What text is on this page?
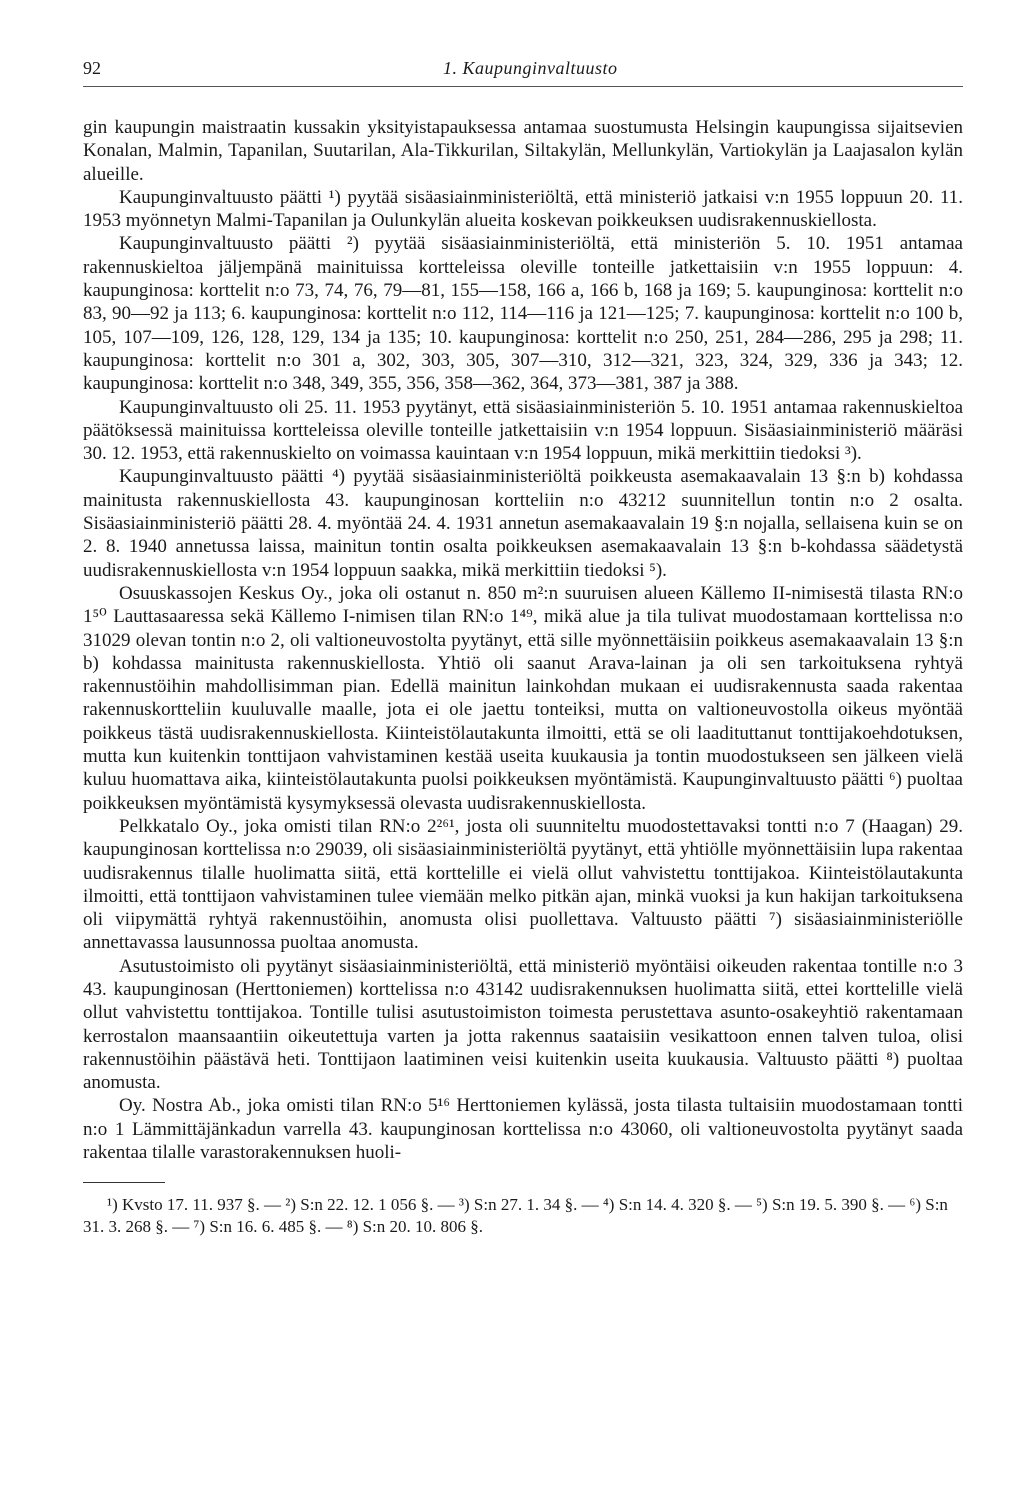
92	1. Kaupunginvaltuusto

gin kaupungin maistraatin kussakin yksityistapauksessa antamaa suostumusta Helsingin kaupungissa sijaitsevien Konalan, Malmin, Tapanilan, Suutarilan, Ala-Tikkurilan, Siltakylän, Mellunkylän, Vartiokylän ja Laajasalon kylän alueille.

Kaupunginvaltuusto päätti ¹) pyytää sisäasiainministeriöltä, että ministeriö jatkaisi v:n 1955 loppuun 20. 11. 1953 myönnetyn Malmi-Tapanilan ja Oulunkylän alueita koskevan poikkeuksen uudisrakennuskiellosta.

Kaupunginvaltuusto päätti ²) pyytää sisäasiainministeriöltä, että ministeriön 5. 10. 1951 antamaa rakennuskieltoa jäljempänä mainituissa kortteleissa oleville tonteille jatkettaisiin v:n 1955 loppuun: 4. kaupunginosa: korttelit n:o 73, 74, 76, 79—81, 155—158, 166 a, 166 b, 168 ja 169; 5. kaupunginosa: korttelit n:o 83, 90—92 ja 113; 6. kaupunginosa: korttelit n:o 112, 114—116 ja 121—125; 7. kaupunginosa: korttelit n:o 100 b, 105, 107—109, 126, 128, 129, 134 ja 135; 10. kaupunginosa: korttelit n:o 250, 251, 284—286, 295 ja 298; 11. kaupunginosa: korttelit n:o 301 a, 302, 303, 305, 307—310, 312—321, 323, 324, 329, 336 ja 343; 12. kaupunginosa: korttelit n:o 348, 349, 355, 356, 358—362, 364, 373—381, 387 ja 388.

Kaupunginvaltuusto oli 25. 11. 1953 pyytänyt, että sisäasiainministeriön 5. 10. 1951 antamaa rakennuskieltoa päätöksessä mainituissa kortteleissa oleville tonteille jatkettaisiin v:n 1954 loppuun. Sisäasiainministeriö määräsi 30. 12. 1953, että rakennuskielto on voimassa kauintaan v:n 1954 loppuun, mikä merkittiin tiedoksi ³).

Kaupunginvaltuusto päätti ⁴) pyytää sisäasiainministeriöltä poikkeusta asemakaavalain 13 §:n b) kohdassa mainitusta rakennuskiellosta 43. kaupunginosan kortteliin n:o 43212 suunnitellun tontin n:o 2 osalta. Sisäasiainministeriö päätti 28. 4. myöntää 24. 4. 1931 annetun asemakaavalain 19 §:n nojalla, sellaisena kuin se on 2. 8. 1940 annetussa laissa, mainitun tontin osalta poikkeuksen asemakaavalain 13 §:n b-kohdassa säädetystä uudisrakennuskiellosta v:n 1954 loppuun saakka, mikä merkittiin tiedoksi ⁵).

Osuuskassojen Keskus Oy., joka oli ostanut n. 850 m²:n suuruisen alueen Källemo II-nimisestä tilasta RN:o 1⁵⁰ Lauttasaaressa sekä Källemo I-nimisen tilan RN:o 1⁴⁹, mikä alue ja tila tulivat muodostamaan korttelissa n:o 31029 olevan tontin n:o 2, oli valtioneuvostolta pyytänyt, että sille myönnettäisiin poikkeus asemakaavalain 13 §:n b) kohdassa mainitusta rakennuskiellosta. Yhtiö oli saanut Arava-lainan ja oli sen tarkoituksena ryhtyä rakennustöihin mahdollisimman pian. Edellä mainitun lainkohdan mukaan ei uudisrakennusta saada rakentaa rakennuskortteliin kuuluvalle maalle, jota ei ole jaettu tonteiksi, mutta on valtioneuvostolla oikeus myöntää poikkeus tästä uudisrakennuskiellosta. Kiinteistölautakunta ilmoitti, että se oli laadituttanut tonttijakoehdotuksen, mutta kun kuitenkin tonttijaon vahvistaminen kestää useita kuukausia ja tontin muodostukseen sen jälkeen vielä kuluu huomattava aika, kiinteistölautakunta puolsi poikkeuksen myöntämistä. Kaupunginvaltuusto päätti ⁶) puoltaa poikkeuksen myöntämistä kysymyksessä olevasta uudisrakennuskiellosta.

Pelkkatalo Oy., joka omisti tilan RN:o 2²⁶¹, josta oli suunniteltu muodostettavaksi tontti n:o 7 (Haagan) 29. kaupunginosan korttelissa n:o 29039, oli sisäasiainministeriöltä pyytänyt, että yhtiölle myönnettäisiin lupa rakentaa uudisrakennus tilalle huolimatta siitä, että korttelille ei vielä ollut vahvistettu tonttijakoa. Kiinteistölautakunta ilmoitti, että tonttijaon vahvistaminen tulee viemään melko pitkän ajan, minkä vuoksi ja kun hakijan tarkoituksena oli viipymättä ryhtyä rakennustöihin, anomusta olisi puollettava. Valtuusto päätti ⁷) sisäasiainministeriölle annettavassa lausunnossa puoltaa anomusta.

Asutustoimisto oli pyytänyt sisäasiainministeriöltä, että ministeriö myöntäisi oikeuden rakentaa tontille n:o 3 43. kaupunginosan (Herttoniemen) korttelissa n:o 43142 uudisrakennuksen huolimatta siitä, ettei korttelille vielä ollut vahvistettu tonttijakoa. Tontille tulisi asutustoimiston toimesta perustettava asunto-osakeyhtiö rakentamaan kerrostalon maansaantiin oikeutettuja varten ja jotta rakennus saataisiin vesikattoon ennen talven tuloa, olisi rakennustöihin päästävä heti. Tonttijaon laatiminen veisi kuitenkin useita kuukausia. Valtuusto päätti ⁸) puoltaa anomusta.

Oy. Nostra Ab., joka omisti tilan RN:o 5¹⁶ Herttoniemen kylässä, josta tilasta tultaisiin muodostamaan tontti n:o 1 Lämmittäjänkadun varrella 43. kaupunginosan korttelissa n:o 43060, oli valtioneuvostolta pyytänyt saada rakentaa tilalle varastorakennuksen huoli-

¹) Kvsto 17. 11. 937 §. — ²) S:n 22. 12. 1 056 §. — ³) S:n 27. 1. 34 §. — ⁴) S:n 14. 4. 320 §. — ⁵) S:n 19. 5. 390 §. — ⁶) S:n 31. 3. 268 §. — ⁷) S:n 16. 6. 485 §. — ⁸) S:n 20. 10. 806 §.
